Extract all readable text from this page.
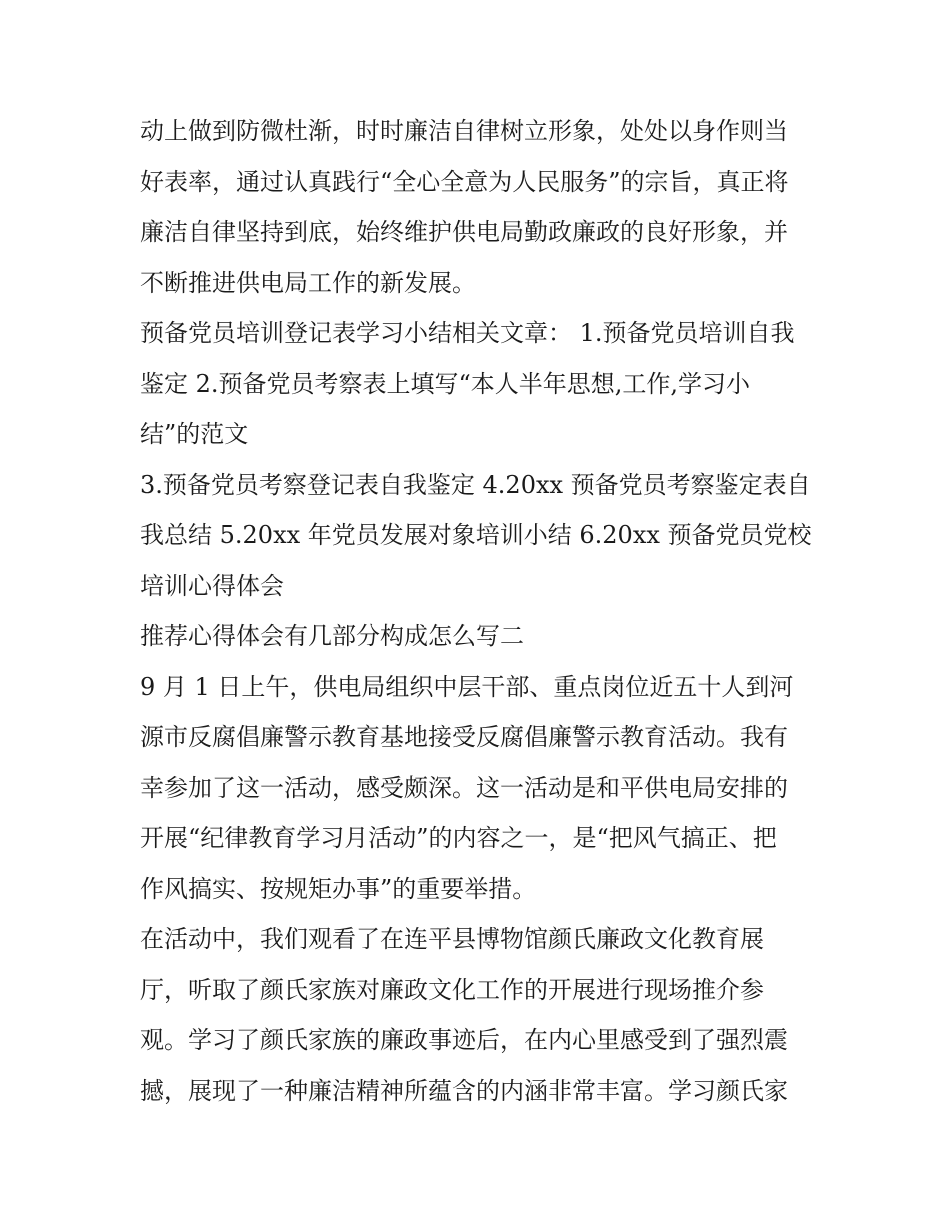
动上做到防微杜渐，时时廉洁自律树立形象，处处以身作则当
好表率，通过认真践行“全心全意为人民服务”的宗旨，真正将
廉洁自律坚持到底，始终维护供电局勤政廉政的良好形象，并
不断推进供电局工作的新发展。
预备党员培训登记表学习小结相关文章： 1.预备党员培训自我
鉴定 2.预备党员考察表上填写“本人半年思想,工作,学习小
结”的范文
3.预备党员考察登记表自我鉴定 4.20xx 预备党员考察鉴定表自
我总结 5.20xx 年党员发展对象培训小结 6.20xx 预备党员党校
培训心得体会
推荐心得体会有几部分构成怎么写二
9 月 1 日上午，供电局组织中层干部、重点岗位近五十人到河
源市反腐倡廉警示教育基地接受反腐倡廉警示教育活动。我有
幸参加了这一活动，感受颇深。这一活动是和平供电局安排的
开展“纪律教育学习月活动”的内容之一，是“把风气搞正、把
作风搞实、按规矩办事”的重要举措。
在活动中，我们观看了在连平县博物馆颜氏廉政文化教育展
厅，听取了颜氏家族对廉政文化工作的开展进行现场推介参
观。学习了颜氏家族的廉政事迹后，在内心里感受到了强烈震
撼，展现了一种廉洁精神所蕴含的内涵非常丰富。学习颜氏家
